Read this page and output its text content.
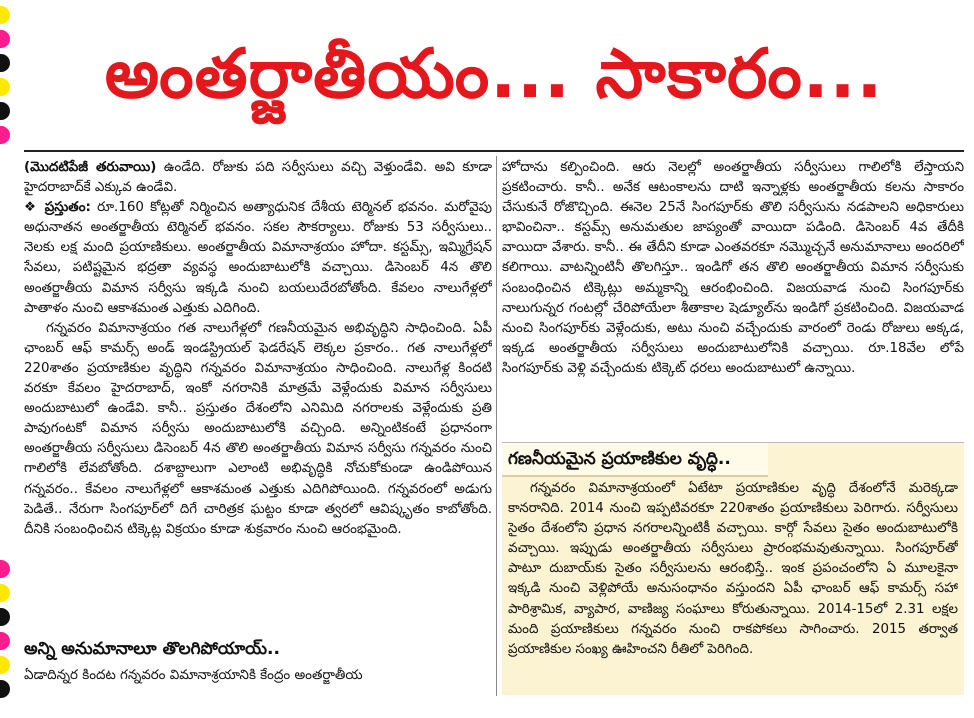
అంతర్జాతీయం... సాకారం...

(మొదటిపేజీ తరువాయి) ఉండేది. రోజుకు పది సర్వీసులు వచ్చి వెళ్తుండేవి. అవి కూడా హైదరాబాద్‌కే ఎక్కువ ఉండేవి.

❖ ప్రస్తుతం: రూ.160 కోట్లతో నిర్మించిన అత్యాధునిక దేశీయ టెర్మినల్ భవనం. మరోవైపు అధునాతన అంతర్జాతీయ టెర్మినల్ భవనం. సకల సౌకర్యాలు. రోజుకు 53 సర్వీసులు.. నెలకు లక్ష మంది ప్రయాణికులు. అంతర్జాతీయ విమానాశ్రయం హోదా. కస్టమ్స్, ఇమ్మిగ్రేషన్ సేవలు, పటిష్టమైన భద్రతా వ్యవస్థ అందుబాటులోకి వచ్చాయి. డిసెంబర్ 4న తొలి అంతర్జాతీయ విమాన సర్వీసు ఇక్కడి నుంచి బయలుదేరబోతోంది. కేవలం నాలుగేళ్లలో పాతాళం నుంచి ఆకాశమంత ఎత్తుకు ఎదిగింది.

గన్నవరం విమానాశ్రయం గత నాలుగేళ్లలో గణనీయమైన అభివృద్ధిని సాధించింది. ఏపీ ఛాంబర్ ఆఫ్ కామర్స్ అండ్ ఇండస్ట్రియల్ ఫెడరేషన్ లెక్కల ప్రకారం.. గత నాలుగేళ్లలో 220శాతం ప్రయాణికుల వృద్ధిని గన్నవరం విమానాశ్రయం సాధించింది. నాలుగేళ్ల కిందటి వరకూ కేవలం హైదరాబాద్, ఇంకో నగరానికి మాత్రమే వెళ్లేందుకు విమాన సర్వీసులు అందుబాటులో ఉండేవి. కానీ.. ప్రస్తుతం దేశంలోని ఎనిమిది నగరాలకు వెళ్లేందుకు ప్రతి పావుగంటకో విమాన సర్వీసు అందుబాటులోకి వచ్చింది. అన్నింటికంటే ప్రధానంగా అంతర్జాతీయ సర్వీసులు డిసెంబర్ 4న తొలి అంతర్జాతీయ విమాన సర్వీసు గన్నవరం నుంచి గాలిలోకి లేవబోతోంది. దశాబ్దాలుగా ఎలాంటి అభివృద్ధికి నోచుకోకుండా ఉండిపోయిన గన్నవరం.. కేవలం నాలుగేళ్లలో ఆకాశమంత ఎత్తుకు ఎదిగిపోయింది. గన్నవరంలో అడుగు పెడితే.. నేరుగా సింగపూర్‌లో దిగే చారిత్రక ఘట్టం కూడా త్వరలో ఆవిష్కృతం కాబోతోంది. దీనికి సంబంధించిన టిక్కెట్ల విక్రయం కూడా శుక్రవారం నుంచి ఆరంభమైంది.

అన్ని అనుమానాలూ తొలగిపోయాయ్..
ఏడాదిన్నర కిందట గన్నవరం విమానాశ్రయానికి కేంద్రం అంతర్జాతీయ

హోదాను కల్పించింది. ఆరు నెలల్లో అంతర్జాతీయ సర్వీసులు గాలిలోకి లేస్తాయని ప్రకటించారు. కానీ.. అనేక ఆటంకాలను దాటి ఇన్నాళ్లకు అంతర్జాతీయ కలను సాకారం చేసుకునే రోజొచ్చింది. ఈనెల 25నే సింగపూర్‌కు తొలి సర్వీసును నడపాలని అధికారులు భావించినా.. కస్టమ్స్ అనుమతుల జాప్యంతో వాయిదా పడింది. డిసెంబర్ 4వ తేదీకి వాయిదా వేశారు. కానీ.. ఈ తేదీని కూడా ఎంతవరకూ నమ్మొచ్చనే అనుమానాలు అందరిలో కలిగాయి. వాటన్నింటినీ తొలగిస్తూ.. ఇండిగో తన తొలి అంతర్జాతీయ విమాన సర్వీసుకు సంబంధించిన టిక్కెట్లు అమ్మకాన్ని ఆరంభించింది. విజయవాడ నుంచి సింగపూర్‌కు నాలుగున్నర గంటల్లో చేరిపోయేలా శీతాకాల షెడ్యూల్‌ను ఇండిగో ప్రకటించింది. విజయవాడ నుంచి సింగపూర్‌కు వెళ్లేందుకు, అటు నుంచి వచ్చేందుకు వారంలో రెండు రోజులు అక్కడ, ఇక్కడ అంతర్జాతీయ సర్వీసులు అందుబాటులోనికి వచ్చాయి. రూ.18వేల లోపే సింగపూర్‌కు వెళ్లి వచ్చేందుకు టిక్కెట్ ధరలు అందుబాటులో ఉన్నాయి.

గణనీయమైన ప్రయాణికుల వృద్ధి..

గన్నవరం విమానాశ్రయంలో ఏటేటా ప్రయాణికుల వృద్ధి దేశంలోనే మరెక్కడా కానరానిది. 2014 నుంచి ఇప్పటివరకూ 220శాతం ప్రయాణికులు పెరిగారు. సర్వీసులు సైతం దేశంలోని ప్రధాన నగరాలన్నింటికీ వచ్చాయి. కార్గో సేవలు సైతం అందుబాటులోకి వచ్చాయి. ఇప్పుడు అంతర్జాతీయ సర్వీసులు ప్రారంభమవుతున్నాయి. సింగపూర్‌తో పాటూ దుబాయ్‌కు సైతం సర్వీసులను ఆరంభిస్తే.. ఇంక ప్రపంచంలోని ఏ మూలకైనా ఇక్కడి నుంచి వెళ్లిపోయే అనుసంధానం వస్తుందని ఏపీ ఛాంబర్ ఆఫ్ కామర్స్ సహా పారిశ్రామిక, వ్యాపార, వాణిజ్య సంఘాలు కోరుతున్నాయి. 2014-15లో 2.31 లక్షల మంది ప్రయాణికులు గన్నవరం నుంచి రాకపోకలు సాగించారు. 2015 తర్వాత ప్రయాణికుల సంఖ్య ఊహించని రీతిలో పెరిగింది.
